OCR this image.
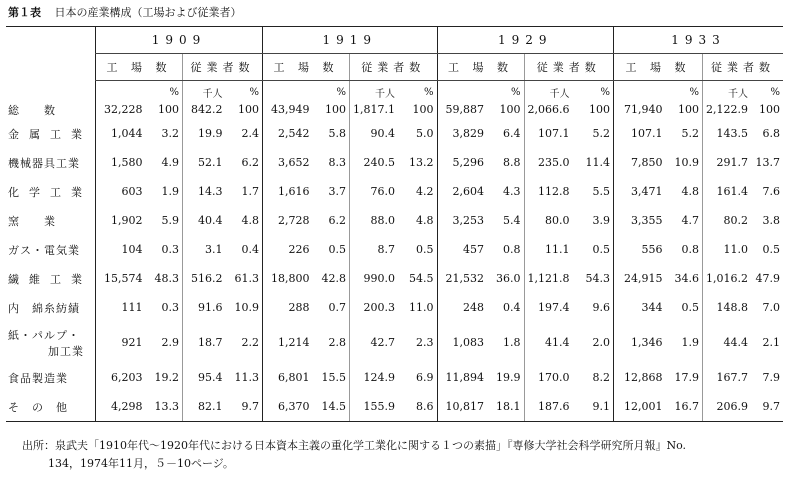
第１表 日本の産業構成（工場および従業者）
	1909				1919				1929				1933			
	工 場 数		従業者数		工 場 数		従業者数		工 場 数		従業者数		工 場 数		従業者数	
		%	千人	%		%	千人	%		%	千人	%		%	千人	%
総　　数	32,228	100	842.2	100	43,949	100	1,817.1	100	59,887	100	2,066.6	100	71,940	100	2,122.9	100
金属工業	1,044	3.2	19.9	2.4	2,542	5.8	90.4	5.0	3,829	6.4	107.1	5.2	107.1	5.2	143.5	6.8
機械器具工業	1,580	4.9	52.1	6.2	3,652	8.3	240.5	13.2	5,296	8.8	235.0	11.4	7,850	10.9	291.7	13.7
化学工業	603	1.9	14.3	1.7	1,616	3.7	76.0	4.2	2,604	4.3	112.8	5.5	3,471	4.8	161.4	7.6
窯　　業	1,902	5.9	40.4	4.8	2,728	6.2	88.0	4.8	3,253	5.4	80.0	3.9	3,355	4.7	80.2	3.8
ガス・電気業	104	0.3	3.1	0.4	226	0.5	8.7	0.5	457	0.8	11.1	0.5	556	0.8	11.0	0.5
繊維工業	15,574	48.3	516.2	61.3	18,800	42.8	990.0	54.5	21,532	36.0	1,121.8	54.3	24,915	34.6	1,016.2	47.9
内　綿糸紡績	111	0.3	91.6	10.9	288	0.7	200.3	11.0	248	0.4	197.4	9.6	344	0.5	148.8	7.0
紙・パルプ・
加工業	921	2.9	18.7	2.2	1,214	2.8	42.7	2.3	1,083	1.8	41.4	2.0	1,346	1.9	44.4	2.1
食品製造業	6,203	19.2	95.4	11.3	6,801	15.5	124.9	6.9	11,894	19.9	170.0	8.2	12,868	17.9	167.7	7.9
そ　の　他	4,298	13.3	82.1	9.7	6,370	14.5	155.9	8.6	10,817	18.1	187.6	9.1	12,001	16.7	206.9	9.7
出所：泉武夫「1910年代～1920年代における日本資本主義の重化学工業化に関する１つの素描」『専修大学社会科学研究所月報』No.
134，1974年11月，５－10ページ。
